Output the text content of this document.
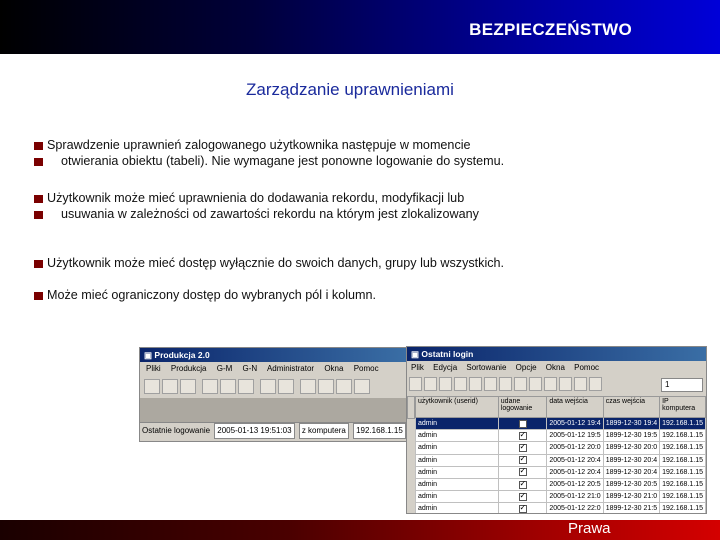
BEZPIECZEŃSTWO
Zarządzanie uprawnieniami
Sprawdzenie uprawnień zalogowanego użytkownika następuje w momencie
otwierania obiektu (tabeli). Nie wymagane jest ponowne logowanie do systemu.
Użytkownik może mieć uprawnienia do dodawania rekordu, modyfikacji lub
usuwania w zależności od zawartości rekordu na którym jest zlokalizowany
Użytkownik może mieć dostęp wyłącznie do swoich danych, grupy lub wszystkich.
Może mieć ograniczony dostęp do wybranych pól i kolumn.
▣ Produkcja 2.0
Pliki Produkcja G-M G-N Administrator Okna Pomoc
Ostatnie logowanie 2005-01-13 19:51:03 z komputera 192.168.1.15
▣ Ostatni login
Plik Edycja Sortowanie Opcje Okna Pomoc
1
użytkownik (userid)	udane logowanie	data wejścia	czas wejścia	IP komputera
admin		2005-01-12 19:4	1899-12-30 19:4	192.168.1.15
admin	✓	2005-01-12 19:5	1899-12-30 19:5	192.168.1.15
admin	✓	2005-01-12 20:0	1899-12-30 20:0	192.168.1.15
admin	✓	2005-01-12 20:4	1899-12-30 20:4	192.168.1.15
admin	✓	2005-01-12 20:4	1899-12-30 20:4	192.168.1.15
admin	✓	2005-01-12 20:5	1899-12-30 20:5	192.168.1.15
admin	✓	2005-01-12 21:0	1899-12-30 21:0	192.168.1.15
admin	✓	2005-01-12 22:0	1899-12-30 21:5	192.168.1.15
Prawa
